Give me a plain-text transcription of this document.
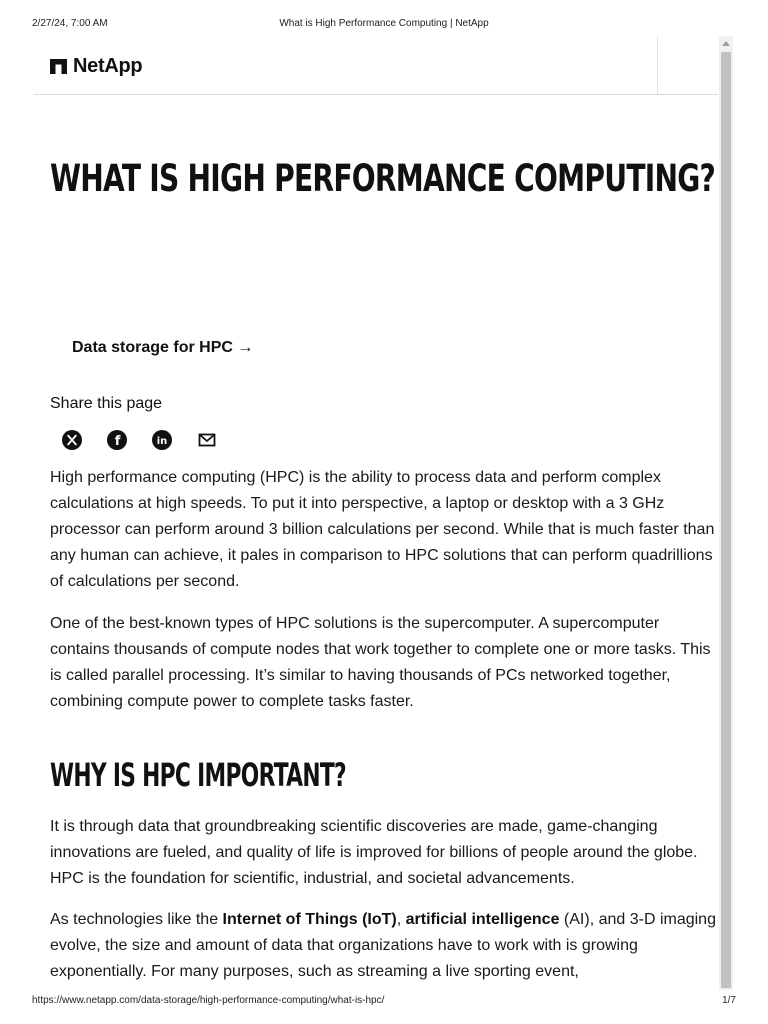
2/27/24, 7:00 AM	What is High Performance Computing | NetApp
NetApp
WHAT IS HIGH PERFORMANCE COMPUTING?
Data storage for HPC →
Share this page
f	in

High performance computing (HPC) is the ability to process data and perform complex calculations at high speeds. To put it into perspective, a laptop or desktop with a 3 GHz processor can perform around 3 billion calculations per second. While that is much faster than any human can achieve, it pales in comparison to HPC solutions that can perform quadrillions of calculations per second.

One of the best-known types of HPC solutions is the supercomputer. A supercomputer contains thousands of compute nodes that work together to complete one or more tasks. This is called parallel processing. It’s similar to having thousands of PCs networked together, combining compute power to complete tasks faster.

WHY IS HPC IMPORTANT?

It is through data that groundbreaking scientific discoveries are made, game-changing innovations are fueled, and quality of life is improved for billions of people around the globe. HPC is the foundation for scientific, industrial, and societal advancements.

As technologies like the Internet of Things (IoT), artificial intelligence (AI), and 3-D imaging evolve, the size and amount of data that organizations have to work with is growing exponentially. For many purposes, such as streaming a live sporting event,

https://www.netapp.com/data-storage/high-performance-computing/what-is-hpc/	1/7
